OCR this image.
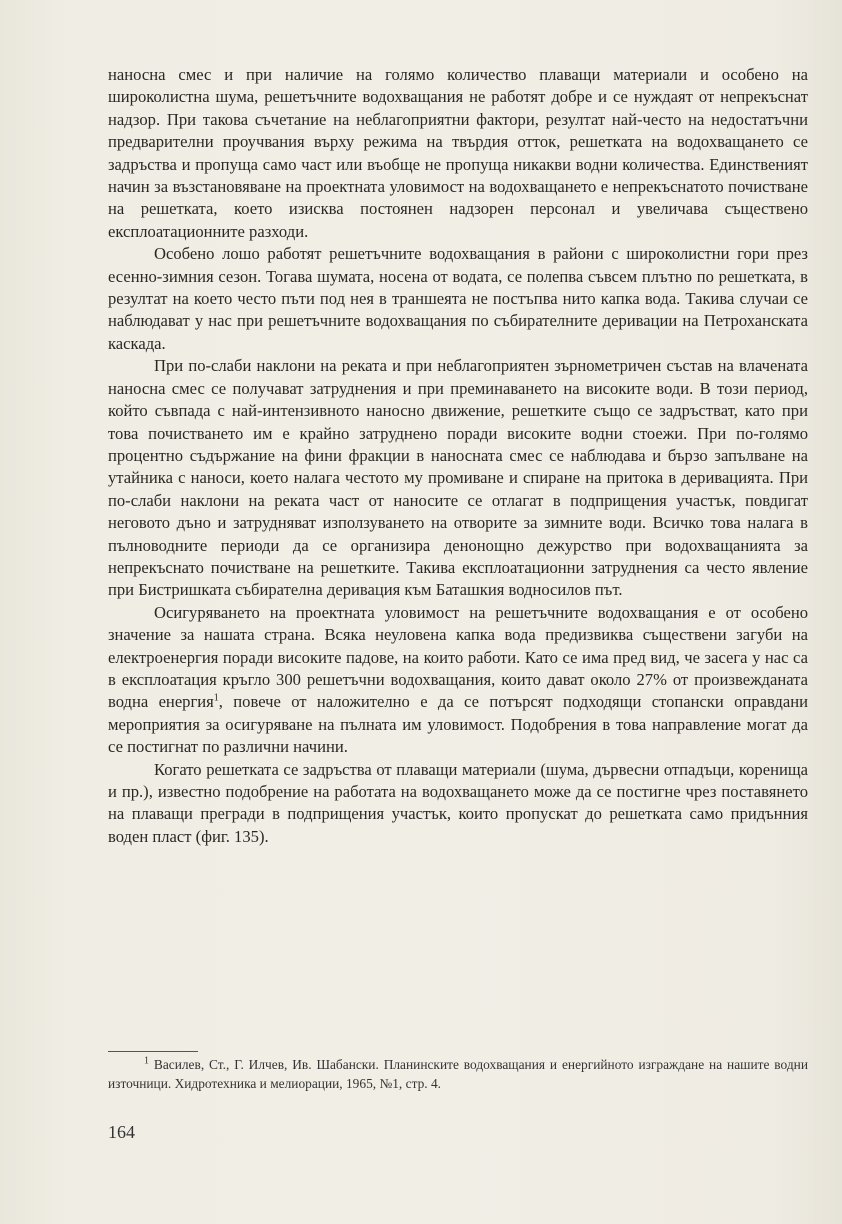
наносна смес и при наличие на голямо количество плаващи материали и особено на широколистна шума, решетъчните водохващания не работят добре и се нуждаят от непрекъснат надзор. При такова съчетание на неблагоприятни фактори, резултат най-често на недостатъчни предварителни проучвания върху режима на твърдия отток, решетката на водохващането се задръства и пропуща само част или въобще не пропуща никакви водни количества. Единственият начин за възстановяване на проектната уловимост на водохващането е непрекъснатото почистване на решетката, което изисква постоянен надзорен персонал и увеличава съществено експлоатационните разходи.

Особено лошо работят решетъчните водохващания в райони с широколистни гори през есенно-зимния сезон. Тогава шумата, носена от водата, се полепва съвсем плътно по решетката, в резултат на което често пъти под нея в траншеята не постъпва нито капка вода. Такива случаи се наблюдават у нас при решетъчните водохващания по събирателните деривации на Петроханската каскада.

При по-слаби наклони на реката и при неблагоприятен зърнометричен състав на влачената наносна смес се получават затруднения и при преминаването на високите води. В този период, който съвпада с най-интензивното наносно движение, решетките също се задръстват, като при това почистването им е крайно затруднено поради високите водни стоежи. При по-голямо процентно съдържание на фини фракции в наносната смес се наблюдава и бързо запълване на утайника с наноси, което налага честото му промиване и спиране на притока в деривацията. При по-слаби наклони на реката част от наносите се отлагат в подприщения участък, повдигат неговото дъно и затрудняват използуването на отворите за зимните води. Всичко това налага в пълноводните периоди да се организира денонощно дежурство при водохващанията за непрекъснато почистване на решетките. Такива експлоатационни затруднения са често явление при Бистришката събирателна деривация към Баташкия водносилов път.

Осигуряването на проектната уловимост на решетъчните водохващания е от особено значение за нашата страна. Всяка неуловена капка вода предизвиква съществени загуби на електроенергия поради високите падове, на които работи. Като се има пред вид, че засега у нас са в експлоатация кръгло 300 решетъчни водохващания, които дават около 27% от произвежданата водна енергия$^1$, повече от наложително е да се потърсят подходящи стопански оправдани мероприятия за осигуряване на пълната им уловимост. Подобрения в това направление могат да се постигнат по различни начини.

Когато решетката се задръства от плаващи материали (шума, дървесни отпадъци, коренища и пр.), известно подобрение на работата на водохващането може да се постигне чрез поставянето на плаващи прегради в подприщения участък, които пропускат до решетката само придънния воден пласт (фиг. 135).

$^1$ Василев, Ст., Г. Илчев, Ив. Шабански. Планинските водохващания и енергийното изграждане на нашите водни източници. Хидротехника и мелиорации, 1965, №1, стр. 4.
164
